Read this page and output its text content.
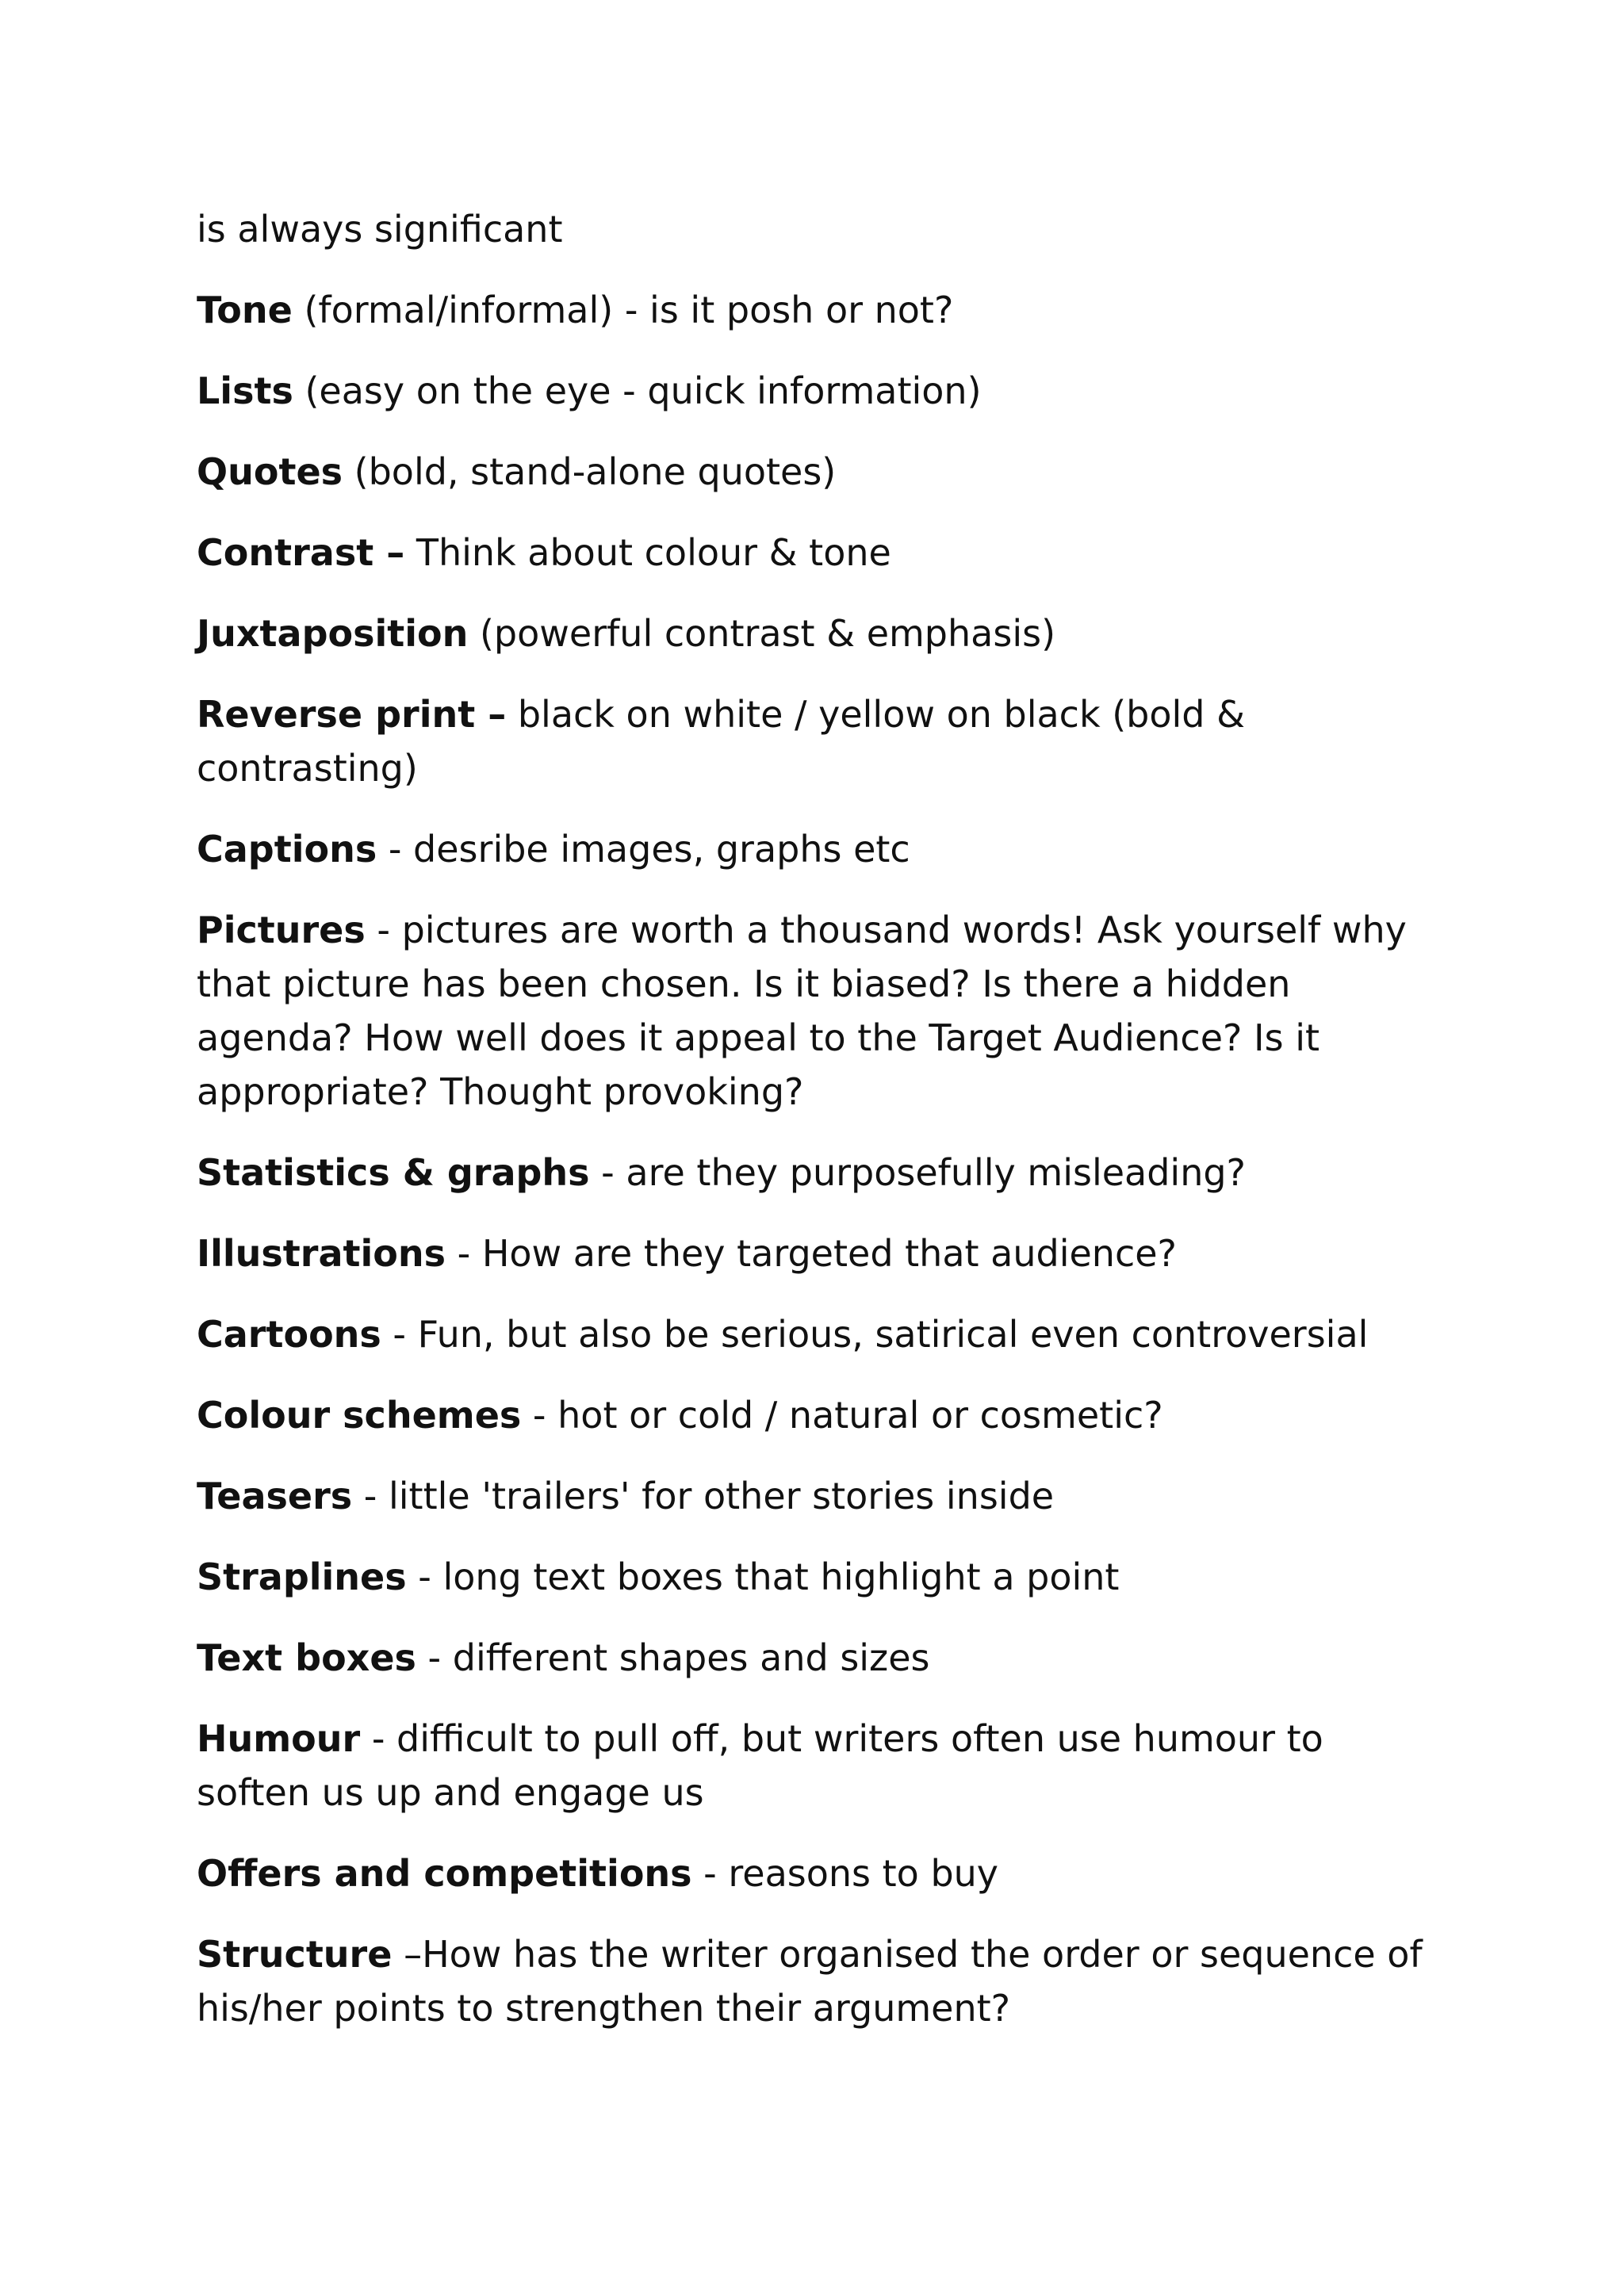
is always significant

Tone (formal/informal) - is it posh or not?

Lists (easy on the eye - quick information)

Quotes (bold, stand-alone quotes)

Contrast – Think about colour & tone

Juxtaposition (powerful contrast & emphasis)

Reverse print – black on white / yellow on black (bold & contrasting)

Captions - desribe images, graphs etc

Pictures - pictures are worth a thousand words! Ask yourself why that picture has been chosen. Is it biased? Is there a hidden agenda? How well does it appeal to the Target Audience? Is it appropriate? Thought provoking?

Statistics & graphs - are they purposefully misleading?

Illustrations - How are they targeted that audience?

Cartoons - Fun, but also be serious, satirical even controversial

Colour schemes - hot or cold / natural or cosmetic?

Teasers - little 'trailers' for other stories inside

Straplines - long text boxes that highlight a point

Text boxes - different shapes and sizes

Humour - difficult to pull off, but writers often use humour to soften us up and engage us

Offers and competitions - reasons to buy

Structure –How has the writer organised the order or sequence of his/her points to strengthen their argument?
